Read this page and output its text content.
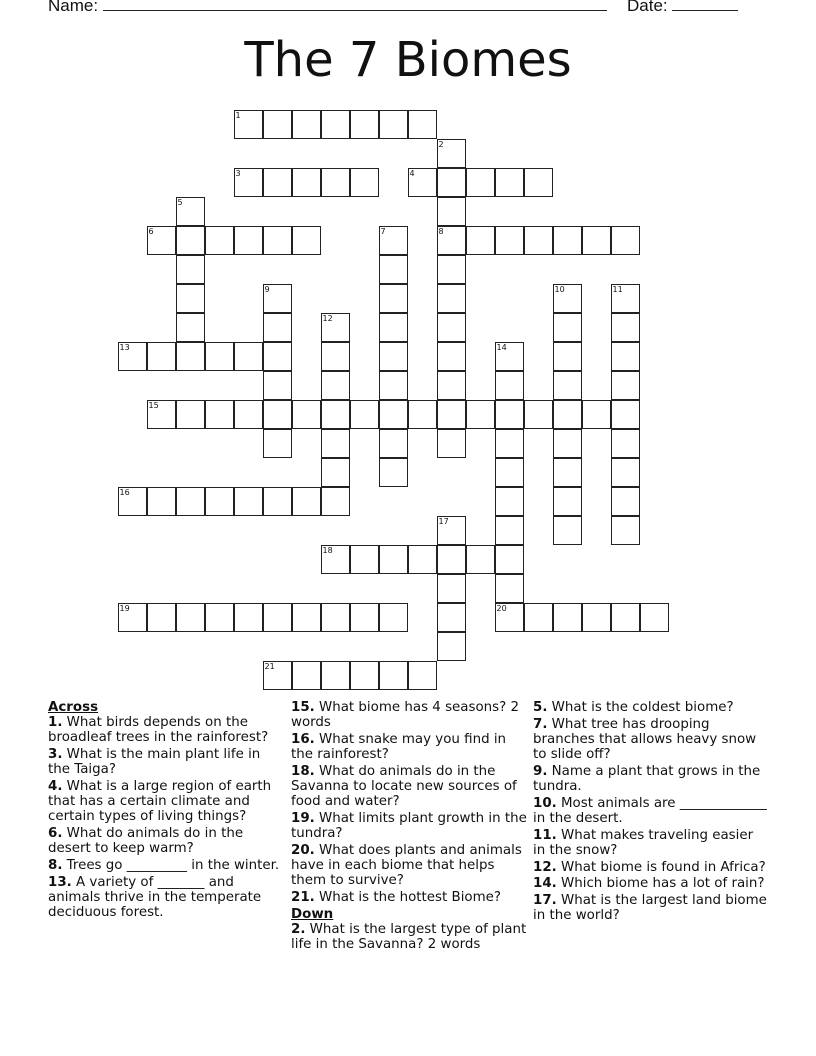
Name:	Date:
The 7 Biomes
1
2
3	4
5
6	7	8
9	10	11
12
13	14
15
16
17
18
19	20
21
Across
1. What birds depends on the broadleaf trees in the rainforest?
3. What is the main plant life in the Taiga?
4. What is a large region of earth that has a certain climate and certain types of living things?
6. What do animals do in the desert to keep warm?
8. Trees go _________ in the winter.
13. A variety of _______ and animals thrive in the temperate deciduous forest.
15. What biome has 4 seasons? 2 words
16. What snake may you find in the rainforest?
18. What do animals do in the Savanna to locate new sources of food and water?
19. What limits plant growth in the tundra?
20. What does plants and animals have in each biome that helps them to survive?
21. What is the hottest Biome?
Down
2. What is the largest type of plant life in the Savanna? 2 words
5. What is the coldest biome?
7. What tree has drooping branches that allows heavy snow to slide off?
9. Name a plant that grows in the tundra.
10. Most animals are _____________ in the desert.
11. What makes traveling easier in the snow?
12. What biome is found in Africa?
14. Which biome has a lot of rain?
17. What is the largest land biome in the world?
